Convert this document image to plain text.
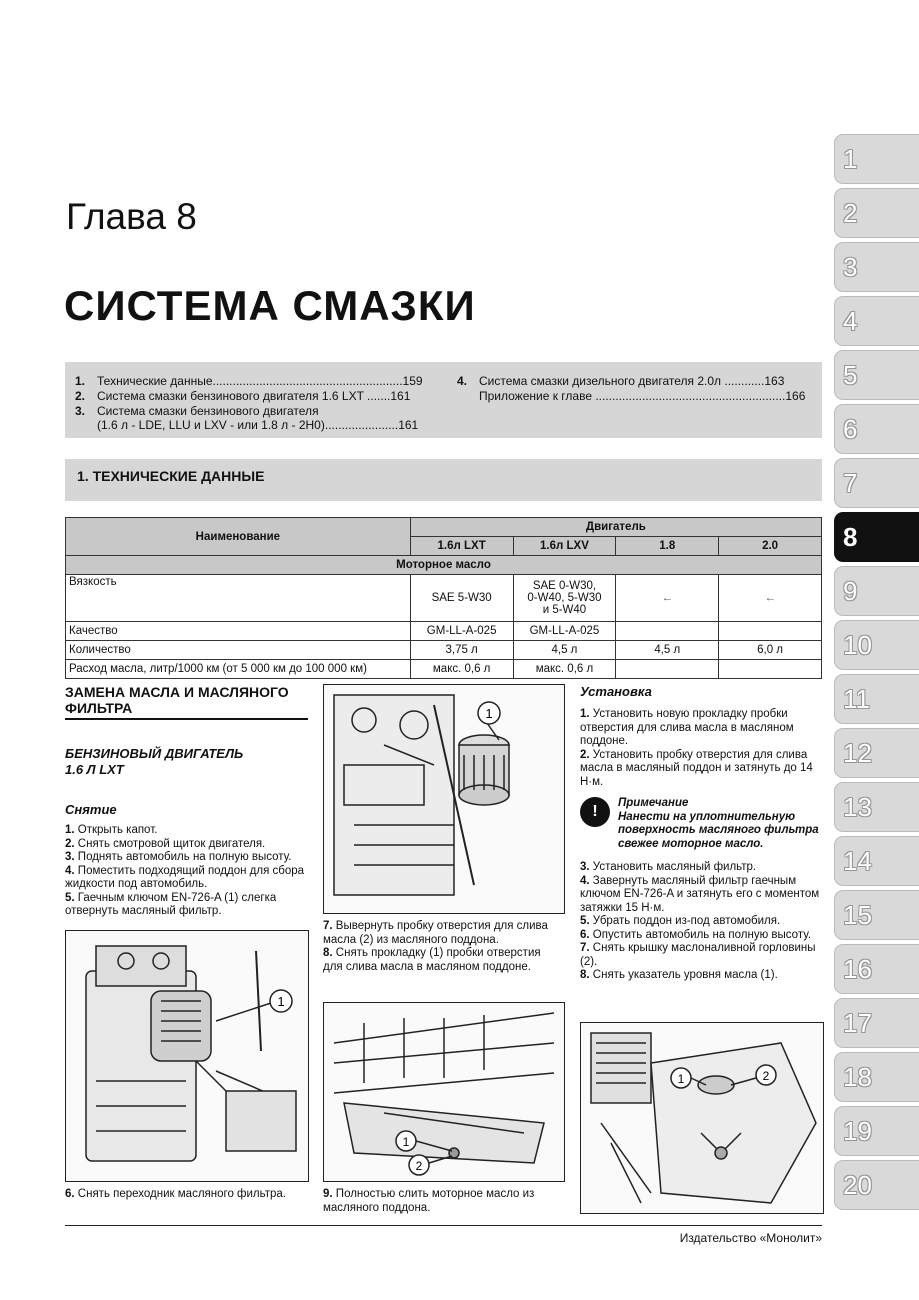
1
2
3
4
5
6
7
8
9
10
11
12
13
14
15
16
17
18
19
20
Глава 8
СИСТЕМА СМАЗКИ
1. Технические данные.........................................................159
2. Система смазки бензинового двигателя 1.6 LXT .......161
3. Система смазки бензинового двигателя
(1.6 л - LDE, LLU и LXV - или 1.8 л - 2H0)......................161
4. Система смазки дизельного двигателя 2.0л ............163
Приложение к главе .........................................................166
1. ТЕХНИЧЕСКИЕ ДАННЫЕ
Наименование	Двигатель			
	1.6л LXT	1.6л LXV	1.8	2.0
Моторное масло				
Вязкость	SAE 5-W30	SAE 0-W30,
0-W40, 5-W30
и 5-W40	←	←
Качество	GM-LL-A-025	GM-LL-A-025		
Количество	3,75 л	4,5 л	4,5 л	6,0 л
Расход масла, литр/1000 км (от 5 000 км до 100 000 км)	макс. 0,6 л	макс. 0,6 л		
ЗАМЕНА МАСЛА И МАСЛЯНОГО ФИЛЬТРА
БЕНЗИНОВЫЙ ДВИГАТЕЛЬ 1.6 Л LXT
Снятие
1. Открыть капот.
2. Снять смотровой щиток двигателя.
3. Поднять автомобиль на полную высоту.
4. Поместить подходящий поддон для сбора жидкости под автомобиль.
5. Гаечным ключом EN-726-A (1) слегка отвернуть масляный фильтр.
1
6. Снять переходник масляного фильтра.
1
7. Вывернуть пробку отверстия для слива масла (2) из масляного поддона.
8. Снять прокладку (1) пробки отверстия для слива масла в масляном поддоне.
1
2
9. Полностью слить моторное масло из масляного поддона.
Установка
1. Установить новую прокладку пробки отверстия для слива масла в масляном поддоне.
2. Установить пробку отверстия для слива масла в масляный поддон и затянуть до 14 Н·м.
!	Примечание
Нанести на уплотнительную поверхность масляного фильтра свежее моторное масло.
3. Установить масляный фильтр.
4. Завернуть масляный фильтр гаечным ключом EN-726-A и затянуть его с моментом затяжки 15 Н·м.
5. Убрать поддон из-под автомобиля.
6. Опустить автомобиль на полную высоту.
7. Снять крышку маслоналивной горловины (2).
8. Снять указатель уровня масла (1).
1	2
Издательство «Монолит»
